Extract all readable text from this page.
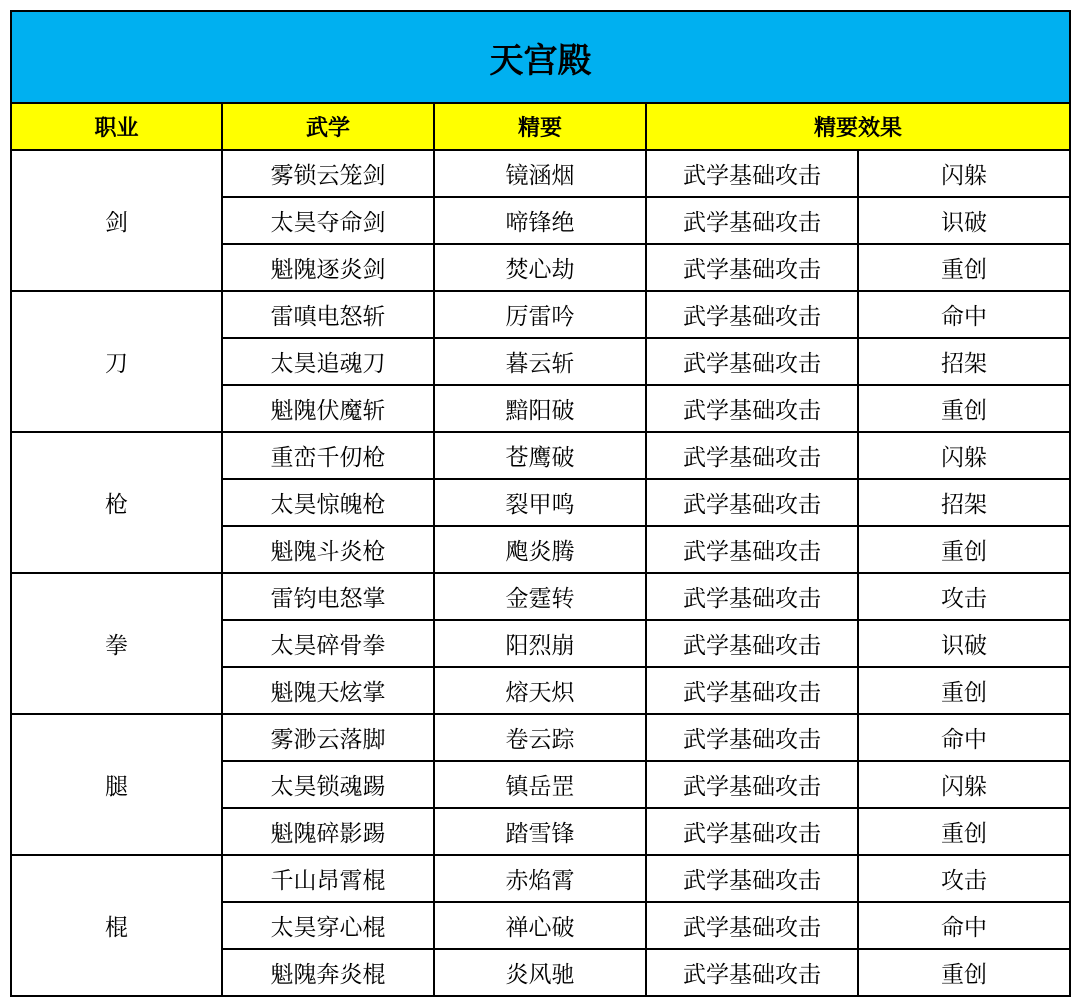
天宫殿				
职业	武学	精要	精要效果	
剑	雾锁云笼剑	镜涵烟	武学基础攻击	闪躲
	太昊夺命剑	啼锋绝	武学基础攻击	识破
	魁隗逐炎剑	焚心劫	武学基础攻击	重创
刀	雷嗔电怒斩	厉雷吟	武学基础攻击	命中
	太昊追魂刀	暮云斩	武学基础攻击	招架
	魁隗伏魔斩	黯阳破	武学基础攻击	重创
枪	重峦千仞枪	苍鹰破	武学基础攻击	闪躲
	太昊惊魄枪	裂甲鸣	武学基础攻击	招架
	魁隗斗炎枪	飑炎腾	武学基础攻击	重创
拳	雷钧电怒掌	金霆转	武学基础攻击	攻击
	太昊碎骨拳	阳烈崩	武学基础攻击	识破
	魁隗天炫掌	熔天炽	武学基础攻击	重创
腿	雾渺云落脚	卷云踪	武学基础攻击	命中
	太昊锁魂踢	镇岳罡	武学基础攻击	闪躲
	魁隗碎影踢	踏雪锋	武学基础攻击	重创
棍	千山昂霄棍	赤焰霄	武学基础攻击	攻击
	太昊穿心棍	禅心破	武学基础攻击	命中
	魁隗奔炎棍	炎风驰	武学基础攻击	重创
